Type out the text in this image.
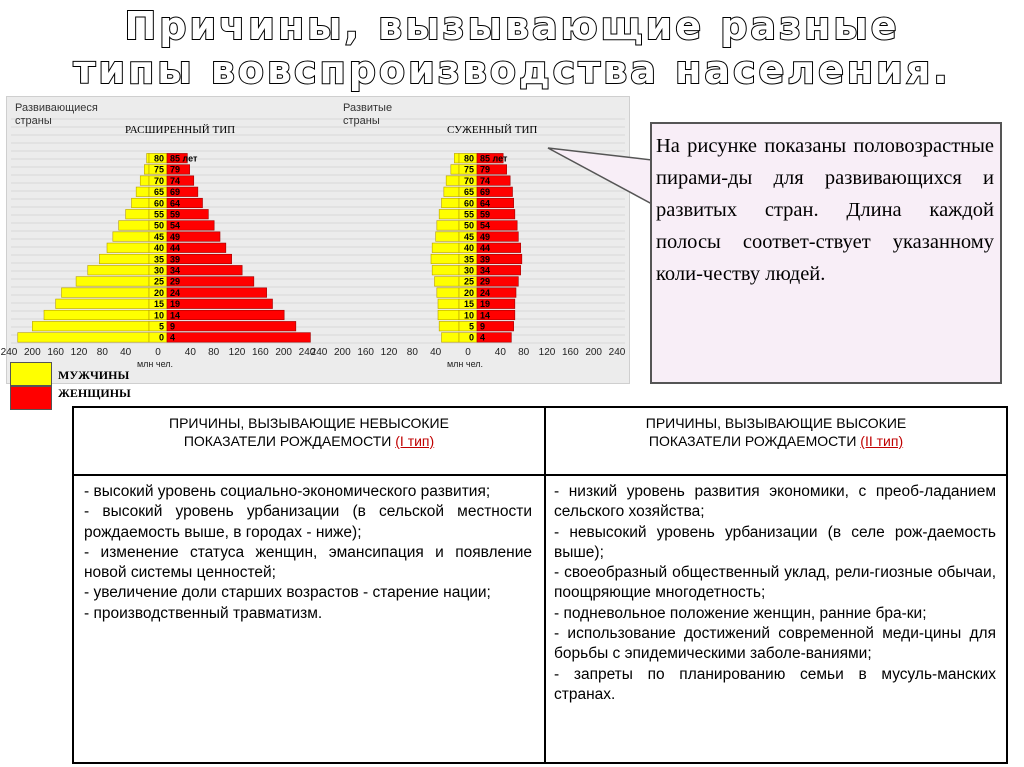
Причины, вызывающие разные
типы вовспроизводства населения.
Развивающиеся
страны
РАСШИРЕННЫЙ ТИП
0 4
5 9
10 14
15 19
20 24
25 29
30 34
35 39
40 44
45 49
50 54
55 59
60 64
65 69
70 74
75 79
80 85 лет
240 200 160 120 80 40 0 40 80 120 160 200 240
млн чел.
Развитые
страны
СУЖЕННЫЙ ТИП
0 4
5 9
10 14
15 19
20 24
25 29
30 34
35 39
40 44
45 49
50 54
55 59
60 64
65 69
70 74
75 79
80 85 лет
240 200 160 120 80 40 0 40 80 120 160 200 240
млн чел.
МУЖЧИНЫ
ЖЕНЩИНЫ
На рисунке показаны половозрастные пирами-ды для развивающихся и развитых стран. Длина каждой полосы соответ-ствует указанному коли-честву людей.
ПРИЧИНЫ, ВЫЗЫВАЮЩИЕ НЕВЫСОКИЕ
ПОКАЗАТЕЛИ РОЖДАЕМОСТИ (I тип)
ПРИЧИНЫ, ВЫЗЫВАЮЩИЕ ВЫСОКИЕ
ПОКАЗАТЕЛИ РОЖДАЕМОСТИ (II тип)

- высокий уровень социально-экономического развития;

- высокий уровень урбанизации (в сельской местности рождаемость выше, в городах - ниже);

- изменение статуса женщин, эмансипация и появление новой системы ценностей;

- увеличение доли старших возрастов - старение нации;

- производственный травматизм.

- низкий уровень развития экономики, с преоб-ладанием сельского хозяйства;

- невысокий уровень урбанизации (в селе рож-даемость выше);

- своеобразный общественный уклад, рели-гиозные обычаи, поощряющие многодетность;

- подневольное положение женщин, ранние бра-ки;

- использование достижений современной меди-цины для борьбы с эпидемическими заболе-ваниями;

- запреты по планированию семьи в мусуль-манских странах.
